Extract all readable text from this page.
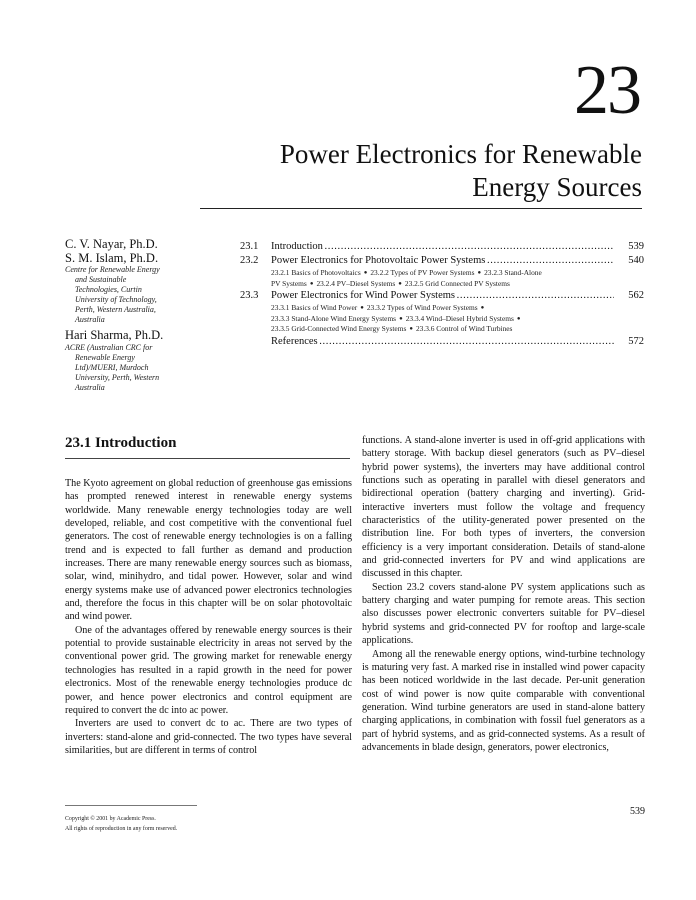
23
Power Electronics for Renewable
Energy Sources
C. V. Nayar, Ph.D.
S. M. Islam, Ph.D.
Centre for Renewable Energy
and Sustainable
Technologies, Curtin
University of Technology,
Perth, Western Australia,
Australia
Hari Sharma, Ph.D.
ACRE (Australian CRC for
Renewable Energy
Ltd)/MUERI, Murdoch
University, Perth, Western
Australia
23.1	Introduction . . .	539
23.2	Power Electronics for Photovoltaic Power Systems . . .	540
23.2.1 Basics of Photovoltaics ● 23.2.2 Types of PV Power Systems ● 23.2.3 Stand-Alone
PV Systems ● 23.2.4 PV–Diesel Systems ● 23.2.5 Grid Connected PV Systems
23.3	Power Electronics for Wind Power Systems . . .	562
23.3.1 Basics of Wind Power ● 23.3.2 Types of Wind Power Systems ●
23.3.3 Stand-Alone Wind Energy Systems ● 23.3.4 Wind–Diesel Hybrid Systems ●
23.3.5 Grid-Connected Wind Energy Systems ● 23.3.6 Control of Wind Turbines
References . . .	572
23.1 Introduction

The Kyoto agreement on global reduction of greenhouse gas emissions has prompted renewed interest in renewable energy systems worldwide. Many renewable energy technologies today are well developed, reliable, and cost competitive with the conventional fuel generators. The cost of renewable energy technologies is on a falling trend and is expected to fall further as demand and production increases. There are many renewable energy sources such as biomass, solar, wind, minihydro, and tidal power. However, solar and wind energy systems make use of advanced power electronics technologies and, therefore the focus in this chapter will be on solar photovoltaic and wind power.

One of the advantages offered by renewable energy sources is their potential to provide sustainable electricity in areas not served by the conventional power grid. The growing market for renewable energy technologies has resulted in a rapid growth in the need for power electronics. Most of the renewable energy technologies produce dc power, and hence power electronics and control equipment are required to convert the dc into ac power.

Inverters are used to convert dc to ac. There are two types of inverters: stand-alone and grid-connected. The two types have several similarities, but are different in terms of control

functions. A stand-alone inverter is used in off-grid applications with battery storage. With backup diesel generators (such as PV–diesel hybrid power systems), the inverters may have additional control functions such as operating in parallel with diesel generators and bidirectional operation (battery charging and inverting). Grid-interactive inverters must follow the voltage and frequency characteristics of the utility-generated power presented on the distribution line. For both types of inverters, the conversion efficiency is a very important consideration. Details of stand-alone and grid-connected inverters for PV and wind applications are discussed in this chapter.

Section 23.2 covers stand-alone PV system applications such as battery charging and water pumping for remote areas. This section also discusses power electronic converters suitable for PV–diesel hybrid systems and grid-connected PV for rooftop and large-scale applications.

Among all the renewable energy options, wind-turbine technology is maturing very fast. A marked rise in installed wind power capacity has been noticed worldwide in the last decade. Per-unit generation cost of wind power is now quite comparable with conventional generation. Wind turbine generators are used in stand-alone battery charging applications, in combination with fossil fuel generators as a part of hybrid systems, and as grid-connected systems. As a result of advancements in blade design, generators, power electronics,

Copyright © 2001 by Academic Press.
All rights of reproduction in any form reserved.
539
